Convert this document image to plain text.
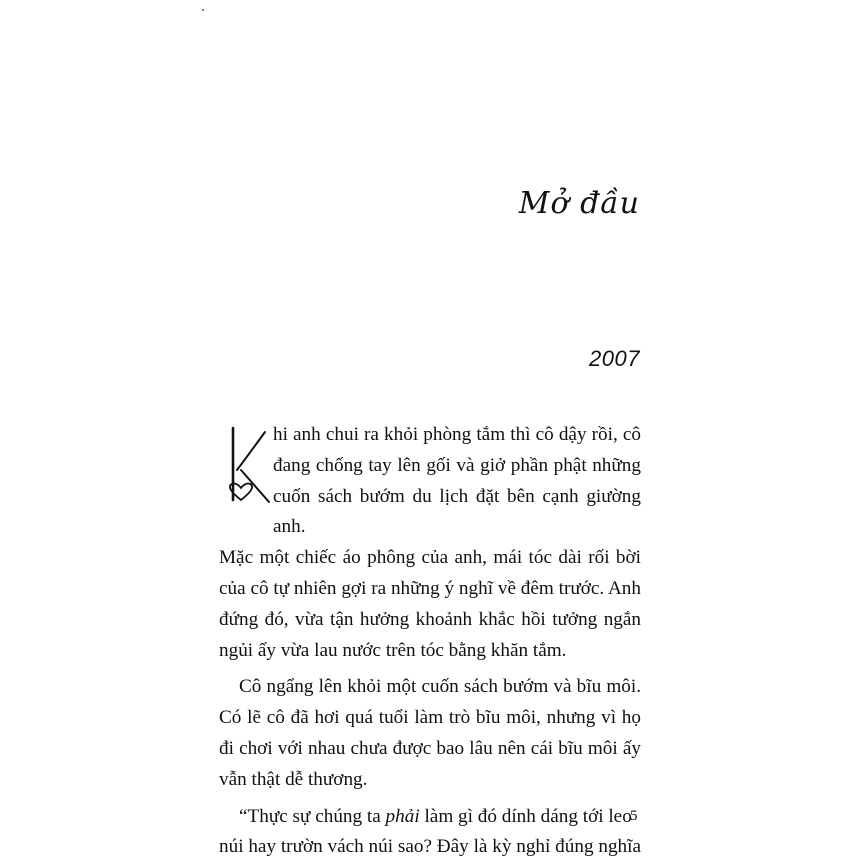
Mở đầu
2007
hi anh chui ra khỏi phòng tắm thì cô dậy rồi, cô
đang chống tay lên gối và giở phần phật những
cuốn sách bướm du lịch đặt bên cạnh giường anh.
Mặc một chiếc áo phông của anh, mái tóc dài rối bời
của cô tự nhiên gợi ra những ý nghĩ về đêm trước. Anh
đứng đó, vừa tận hưởng khoảnh khắc hồi tưởng ngắn
ngủi ấy vừa lau nước trên tóc bằng khăn tắm.
Cô ngẩng lên khỏi một cuốn sách bướm và bĩu môi.
Có lẽ cô đã hơi quá tuổi làm trò bĩu môi, nhưng vì họ
đi chơi với nhau chưa được bao lâu nên cái bĩu môi ấy
vẫn thật dễ thương.
“Thực sự chúng ta phải làm gì đó dính dáng tới leo
núi hay trườn vách núi sao? Đây là kỳ nghỉ đúng nghĩa
5
